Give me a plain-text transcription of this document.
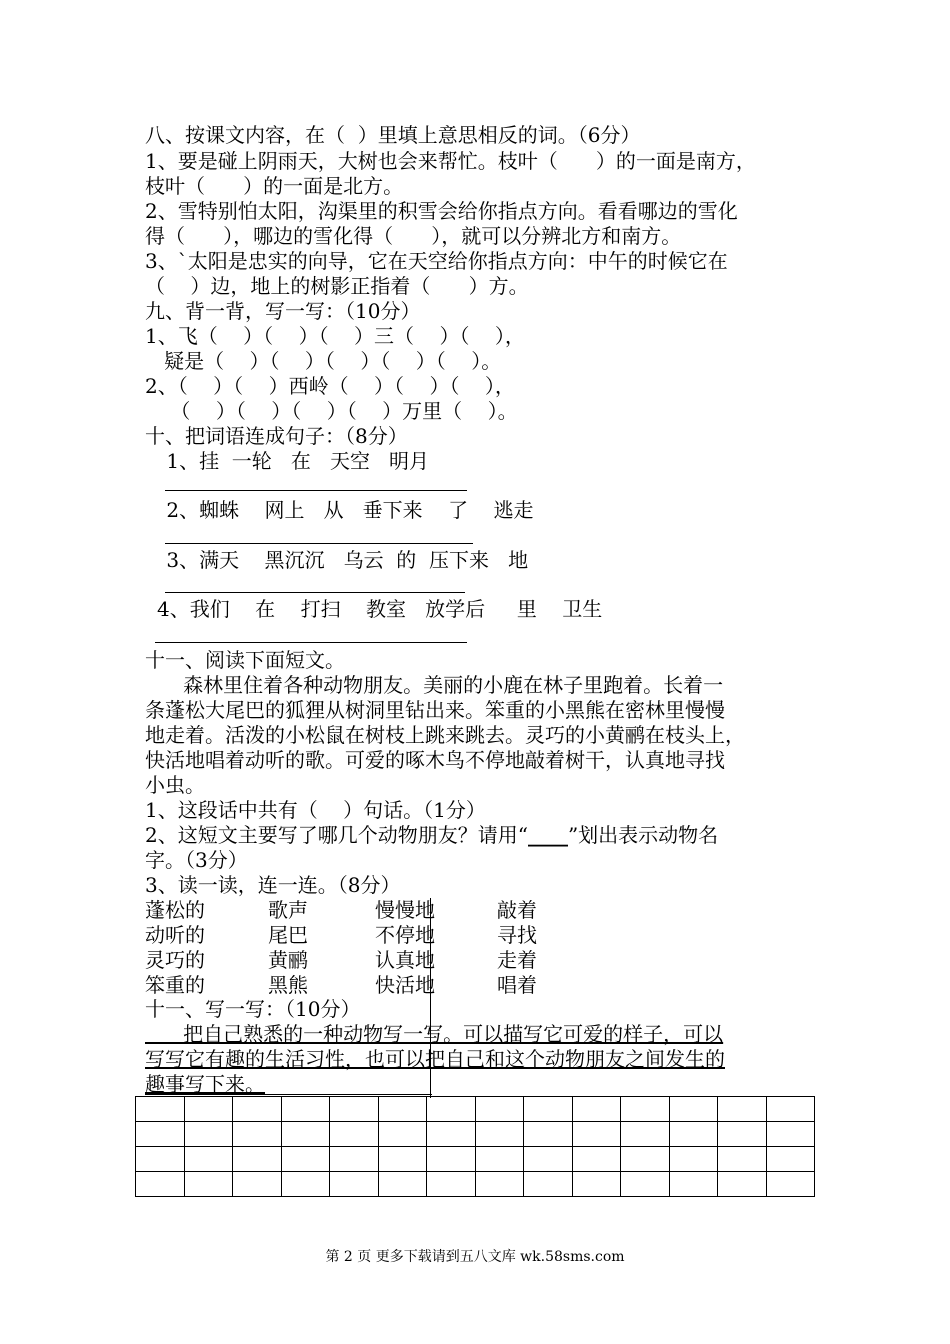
八、按课文内容，在（  ）里填上意思相反的词。（6分）
1、要是碰上阴雨天，大树也会来帮忙。枝叶（      ）的一面是南方，
枝叶（      ）的一面是北方。
2、雪特别怕太阳，沟渠里的积雪会给你指点方向。看看哪边的雪化
得（      ），哪边的雪化得（      ），就可以分辨北方和南方。
3、`太阳是忠实的向导，它在天空给你指点方向：中午的时候它在
（    ）边，地上的树影正指着（      ）方。
九、背一背，写一写：（10分）
1、飞（    ）（    ）（    ）三（    ）（    ），
疑是（    ）（    ）（    ）（    ）（    ）。
2、（    ）（    ）西岭（    ）（    ）（    ），
（    ）（    ）（    ）（    ）万里（    ）。
十、把词语连成句子：（8分）
1、挂  一轮   在   天空   明月
2、蜘蛛    网上   从   垂下来    了    逃走
3、满天    黑沉沉   乌云  的  压下来   地
4、我们    在    打扫    教室   放学后     里    卫生
十一、阅读下面短文。
森林里住着各种动物朋友。美丽的小鹿在林子里跑着。长着一
条蓬松大尾巴的狐狸从树洞里钻出来。笨重的小黑熊在密林里慢慢
地走着。活泼的小松鼠在树枝上跳来跳去。灵巧的小黄鹂在枝头上，
快活地唱着动听的歌。可爱的啄木鸟不停地敲着树干，认真地寻找
小虫。
1、这段话中共有（    ）句话。（1分）
2、这短文主要写了哪几个动物朋友？请用“____”划出表示动物名
字。（3分）
3、读一读，连一连。（8分）
蓬松的	歌声	慢慢地	敲着
动听的	尾巴	不停地	寻找
灵巧的	黄鹂	认真地	走着
笨重的	黑熊	快活地	唱着
十一、写一写：（10分）
把自己熟悉的一种动物写一写。可以描写它可爱的样子，可以
写写它有趣的生活习性，也可以把自己和这个动物朋友之间发生的
趣事写下来。

第 2 页 更多下载请到五八文库 wk.58sms.com
